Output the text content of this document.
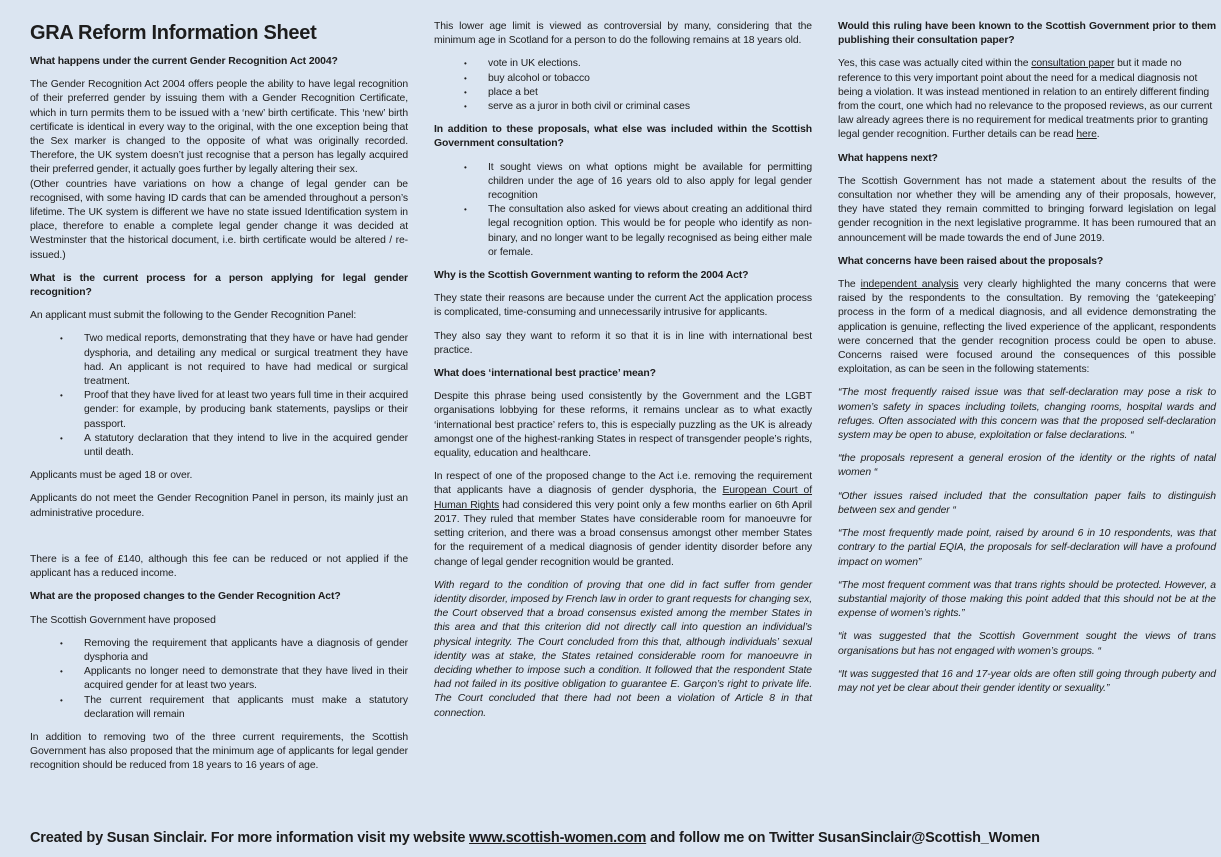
GRA Reform Information Sheet
What happens under the current Gender Recognition Act 2004?
The Gender Recognition Act 2004 offers people the ability to have legal recognition of their preferred gender by issuing them with a Gender Recognition Certificate, which in turn permits them to be issued with a ‘new’ birth certificate. This ‘new’ birth certificate is identical in every way to the original, with the one exception being that the Sex marker is changed to the opposite of what was originally recorded. Therefore, the UK system doesn’t just recognise that a person has legally acquired their preferred gender, it actually goes further by legally altering their sex.
(Other countries have variations on how a change of legal gender can be recognised, with some having ID cards that can be amended throughout a person’s lifetime. The UK system is different we have no state issued Identification system in place, therefore to enable a complete legal gender change it was decided at Westminster that the historical document, i.e. birth certificate would be altered / re-issued.)
What is the current process for a person applying for legal gender recognition?
An applicant must submit the following to the Gender Recognition Panel:
•	Two medical reports, demonstrating that they have or have had gender dysphoria, and detailing any medical or surgical treatment they have had. An applicant is not required to have had medical or surgical treatment.
•	Proof that they have lived for at least two years full time in their acquired gender: for example, by producing bank statements, payslips or their passport.
•	A statutory declaration that they intend to live in the acquired gender until death.
Applicants must be aged 18 or over.
Applicants do not meet the Gender Recognition Panel in person, its mainly just an administrative procedure.
There is a fee of £140, although this fee can be reduced or not applied if the applicant has a reduced income.
What are the proposed changes to the Gender Recognition Act?
The Scottish Government have proposed
•	Removing the requirement that applicants have a diagnosis of gender dysphoria and
•	Applicants no longer need to demonstrate that they have lived in their acquired gender for at least two years.
•	The current requirement that applicants must make a statutory declaration will remain
In addition to removing two of the three current requirements, the Scottish Government has also proposed that the minimum age of applicants for legal gender recognition should be reduced from 18 years to 16 years of age.
This lower age limit is viewed as controversial by many, considering that the minimum age in Scotland for a person to do the following remains at 18 years old.
•	vote in UK elections.
•	buy alcohol or tobacco
•	place a bet
•	serve as a juror in both civil or criminal cases
In addition to these proposals, what else was included within the Scottish Government consultation?
•	It sought views on what options might be available for permitting children under the age of 16 years old to also apply for legal gender recognition
•	The consultation also asked for views about creating an additional third legal recognition option. This would be for people who identify as non-binary, and no longer want to be legally recognised as being either male or female.
Why is the Scottish Government wanting to reform the 2004 Act?
They state their reasons are because under the current Act the application process is complicated, time-consuming and unnecessarily intrusive for applicants.
They also say they want to reform it so that it is in line with international best practice.
What does ‘international best practice’ mean?
Despite this phrase being used consistently by the Government and the LGBT organisations lobbying for these reforms, it remains unclear as to what exactly ‘international best practice’ refers to, this is especially puzzling as the UK is already amongst one of the highest-ranking States in respect of transgender people’s rights, equality, education and healthcare.
In respect of one of the proposed change to the Act i.e. removing the requirement that applicants have a diagnosis of gender dysphoria, the European Court of Human Rights had considered this very point only a few months earlier on 6th April 2017. They ruled that member States have considerable room for manoeuvre for setting criterion, and there was a broad consensus amongst other member States for the requirement of a medical diagnosis of gender identity disorder before any change of legal gender recognition would be granted.
With regard to the condition of proving that one did in fact suffer from gender identity disorder, imposed by French law in order to grant requests for changing sex, the Court observed that a broad consensus existed among the member States in this area and that this criterion did not directly call into question an individual’s physical integrity. The Court concluded from this that, although individuals’ sexual identity was at stake, the States retained considerable room for manoeuvre in deciding whether to impose such a condition. It followed that the respondent State had not failed in its positive obligation to guarantee E. Garçon’s right to private life. The Court concluded that there had not been a violation of Article 8 in that connection.
Would this ruling have been known to the Scottish Government prior to them publishing their consultation paper?
Yes, this case was actually cited within the consultation paper but it made no reference to this very important point about the need for a medical diagnosis not being a violation. It was instead mentioned in relation to an entirely different finding from the court, one which had no relevance to the proposed reviews, as our current law already agrees there is no requirement for medical treatments prior to granting legal gender recognition. Further details can be read here.
What happens next?
The Scottish Government has not made a statement about the results of the consultation nor whether they will be amending any of their proposals, however, they have stated they remain committed to bringing forward legislation on legal gender recognition in the next legislative programme. It has been rumoured that an announcement will be made towards the end of June 2019.
What concerns have been raised about the proposals?
The independent analysis very clearly highlighted the many concerns that were raised by the respondents to the consultation. By removing the ‘gatekeeping’ process in the form of a medical diagnosis, and all evidence demonstrating the application is genuine, reflecting the lived experience of the applicant, respondents were concerned that the gender recognition process could be open to abuse. Concerns raised were focused around the consequences of this possible exploitation, as can be seen in the following statements:
“The most frequently raised issue was that self-declaration may pose a risk to women’s safety in spaces including toilets, changing rooms, hospital wards and refuges. Often associated with this concern was that the proposed self-declaration system may be open to abuse, exploitation or false declarations. “
“the proposals represent a general erosion of the identity or the rights of natal women “
“Other issues raised included that the consultation paper fails to distinguish between sex and gender “
“The most frequently made point, raised by around 6 in 10 respondents, was that contrary to the partial EQIA, the proposals for self-declaration will have a profound impact on women”
“The most frequent comment was that trans rights should be protected. However, a substantial majority of those making this point added that this should not be at the expense of women’s rights.”
“it was suggested that the Scottish Government sought the views of trans organisations but has not engaged with women’s groups. “
“It was suggested that 16 and 17-year olds are often still going through puberty and may not yet be clear about their gender identity or sexuality.”
Created by Susan Sinclair. For more information visit my website www.scottish-women.com and follow me on Twitter SusanSinclair@Scottish_Women
